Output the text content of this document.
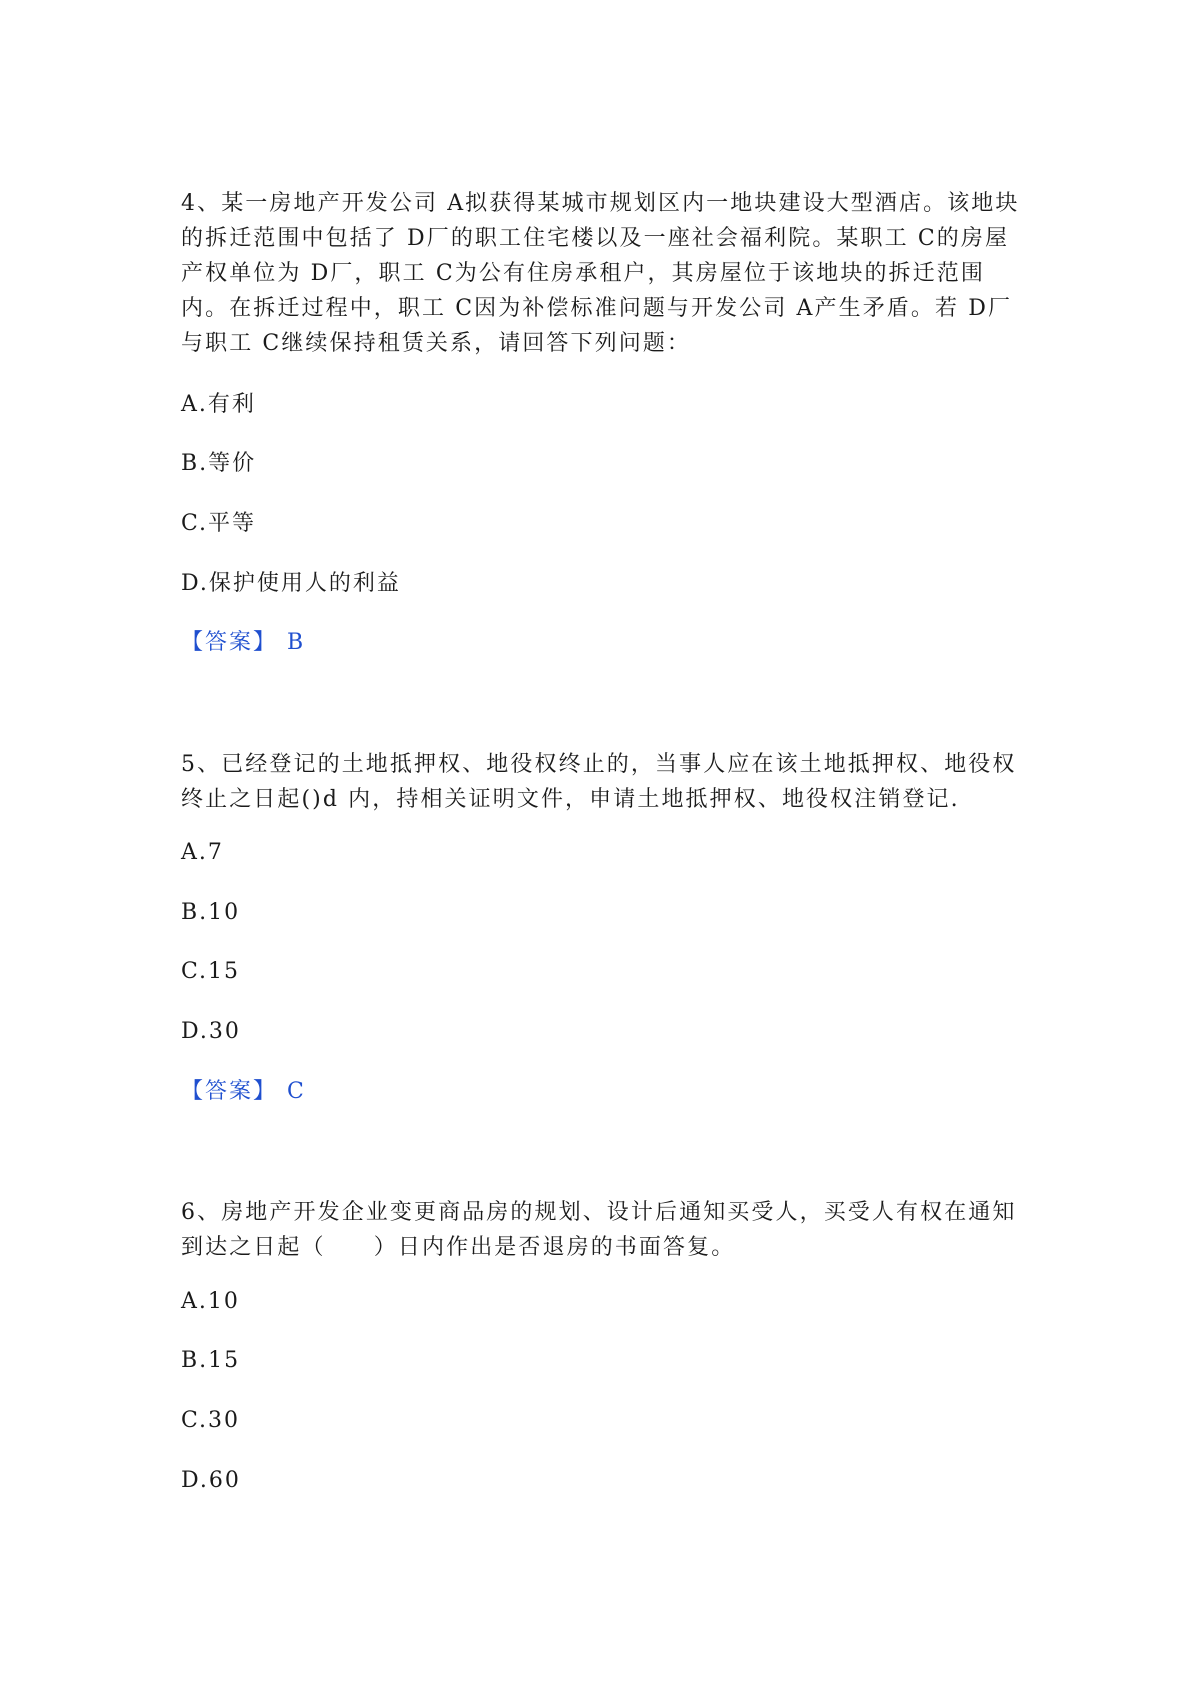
4、某一房地产开发公司 A拟获得某城市规划区内一地块建设大型酒店。该地块
的拆迁范围中包括了 D厂的职工住宅楼以及一座社会福利院。某职工 C的房屋
产权单位为 D厂，职工 C为公有住房承租户，其房屋位于该地块的拆迁范围
内。在拆迁过程中，职工 C因为补偿标准问题与开发公司 A产生矛盾。若 D厂
与职工 C继续保持租赁关系，请回答下列问题：
A.有利
B.等价
C.平等
D.保护使用人的利益
【答案】 B
5、已经登记的土地抵押权、地役权终止的，当事人应在该土地抵押权、地役权
终止之日起()d 内，持相关证明文件，申请土地抵押权、地役权注销登记.
A.7
B.10
C.15
D.30
【答案】 C
6、房地产开发企业变更商品房的规划、设计后通知买受人，买受人有权在通知
到达之日起（　　）日内作出是否退房的书面答复。
A.10
B.15
C.30
D.60
